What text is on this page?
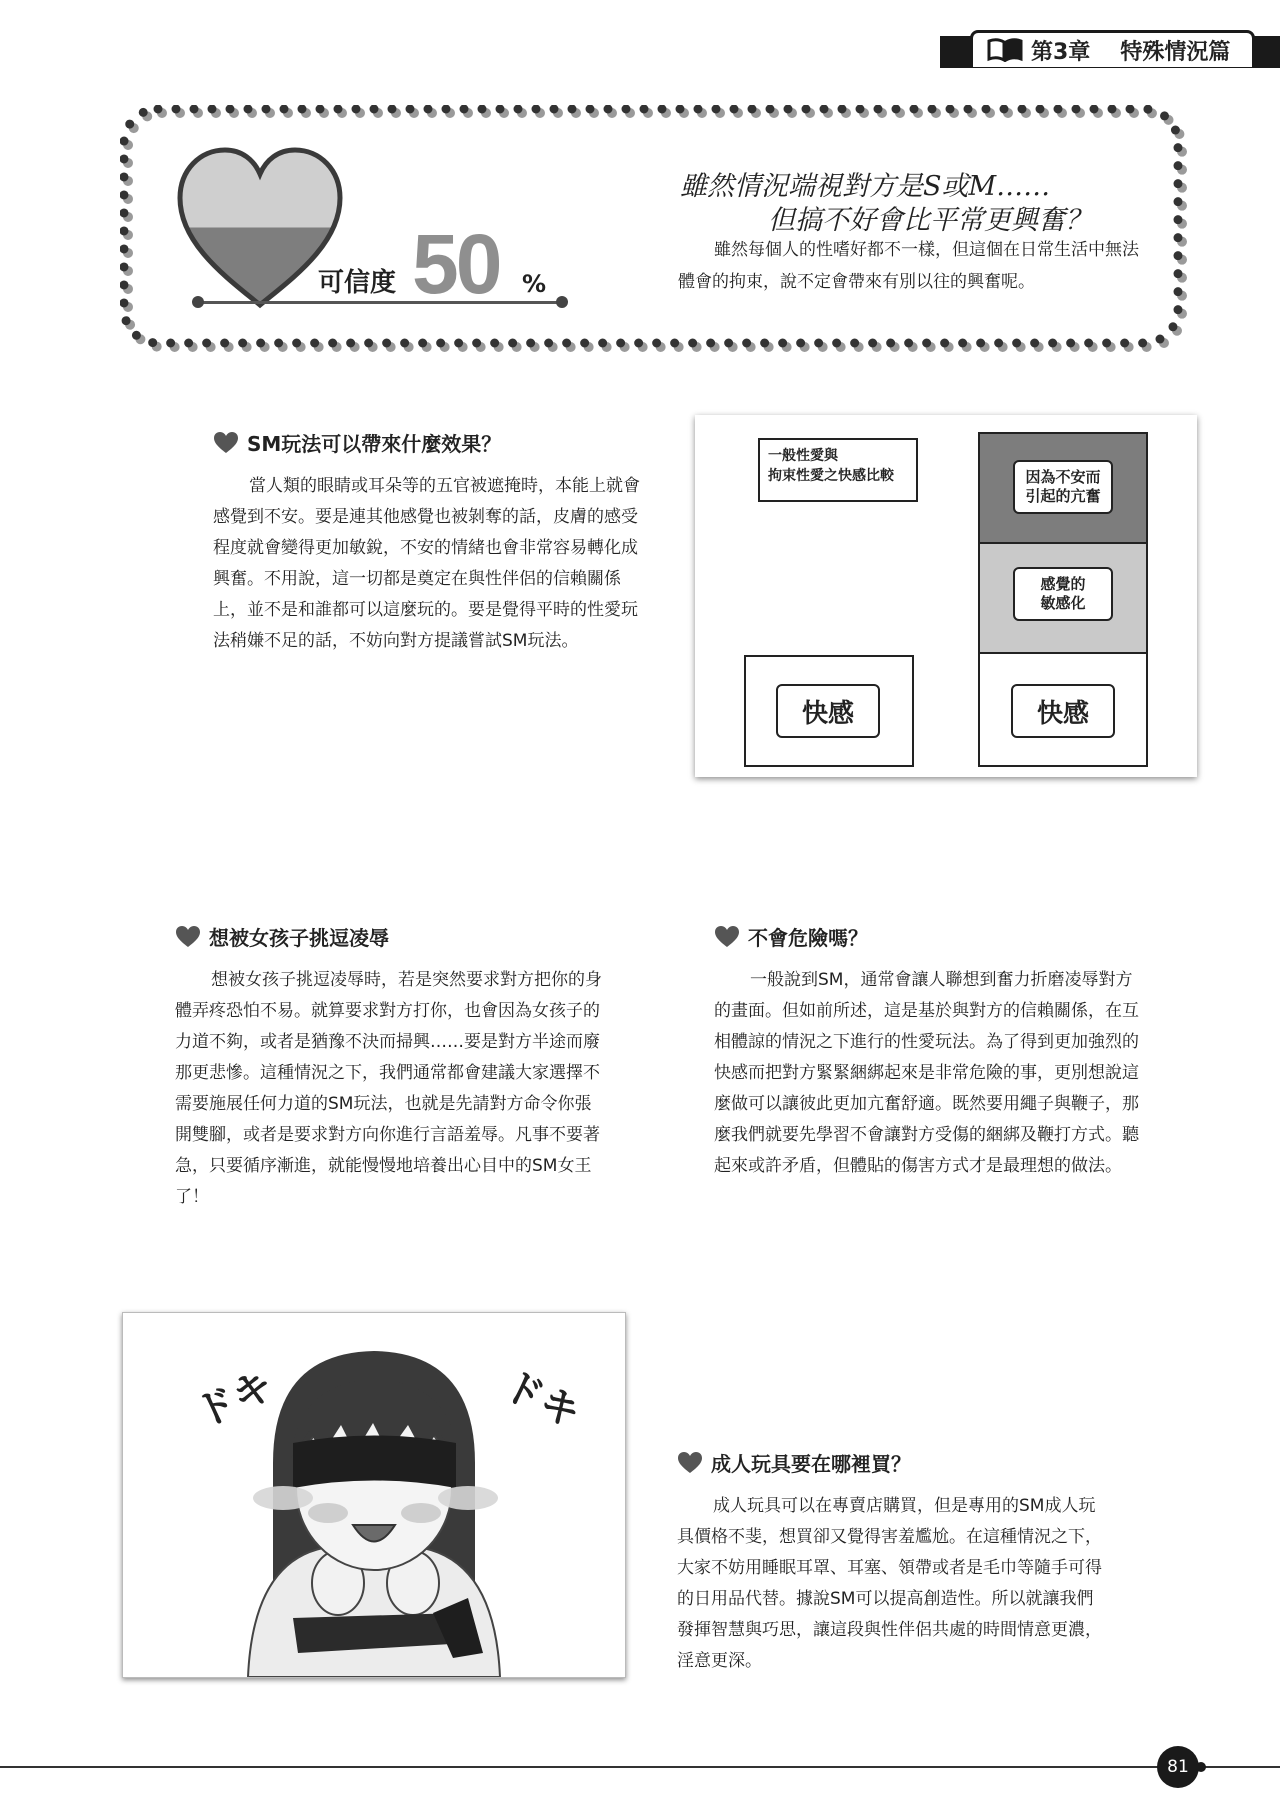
第3章 特殊情況篇
可信度 50 %
雖然情況端視對方是S或M……
但搞不好會比平常更興奮？

雖然每個人的性嗜好都不一樣，但這個在日常生活中無法體會的拘束，說不定會帶來有別以往的興奮呢。

SM玩法可以帶來什麼效果？

當人類的眼睛或耳朵等的五官被遮掩時，本能上就會感覺到不安。要是連其他感覺也被剝奪的話，皮膚的感受程度就會變得更加敏銳，不安的情緒也會非常容易轉化成興奮。不用說，這一切都是奠定在與性伴侶的信賴關係上，並不是和誰都可以這麼玩的。要是覺得平時的性愛玩法稍嫌不足的話，不妨向對方提議嘗試SM玩法。

一般性愛與
拘束性愛之快感比較	因為不安而
引起的亢奮
感覺的
敏感化
快感	快感
想被女孩子挑逗凌辱

想被女孩子挑逗凌辱時，若是突然要求對方把你的身體弄疼恐怕不易。就算要求對方打你，也會因為女孩子的力道不夠，或者是猶豫不決而掃興……要是對方半途而廢那更悲慘。這種情況之下，我們通常都會建議大家選擇不需要施展任何力道的SM玩法，也就是先請對方命令你張開雙腳，或者是要求對方向你進行言語羞辱。凡事不要著急，只要循序漸進，就能慢慢地培養出心目中的SM女王了！

不會危險嗎？

一般說到SM，通常會讓人聯想到奮力折磨凌辱對方的畫面。但如前所述，這是基於與對方的信賴關係，在互相體諒的情況之下進行的性愛玩法。為了得到更加強烈的快感而把對方緊緊綑綁起來是非常危險的事，更別想說這麼做可以讓彼此更加亢奮舒適。既然要用繩子與鞭子，那麼我們就要先學習不會讓對方受傷的綑綁及鞭打方式。聽起來或許矛盾，但體貼的傷害方式才是最理想的做法。

ドキ	ドキ
成人玩具要在哪裡買？

成人玩具可以在專賣店購買，但是專用的SM成人玩具價格不斐，想買卻又覺得害羞尷尬。在這種情況之下，大家不妨用睡眠耳罩、耳塞、領帶或者是毛巾等隨手可得的日用品代替。據說SM可以提高創造性。所以就讓我們發揮智慧與巧思，讓這段與性伴侶共處的時間情意更濃，淫意更深。

81
